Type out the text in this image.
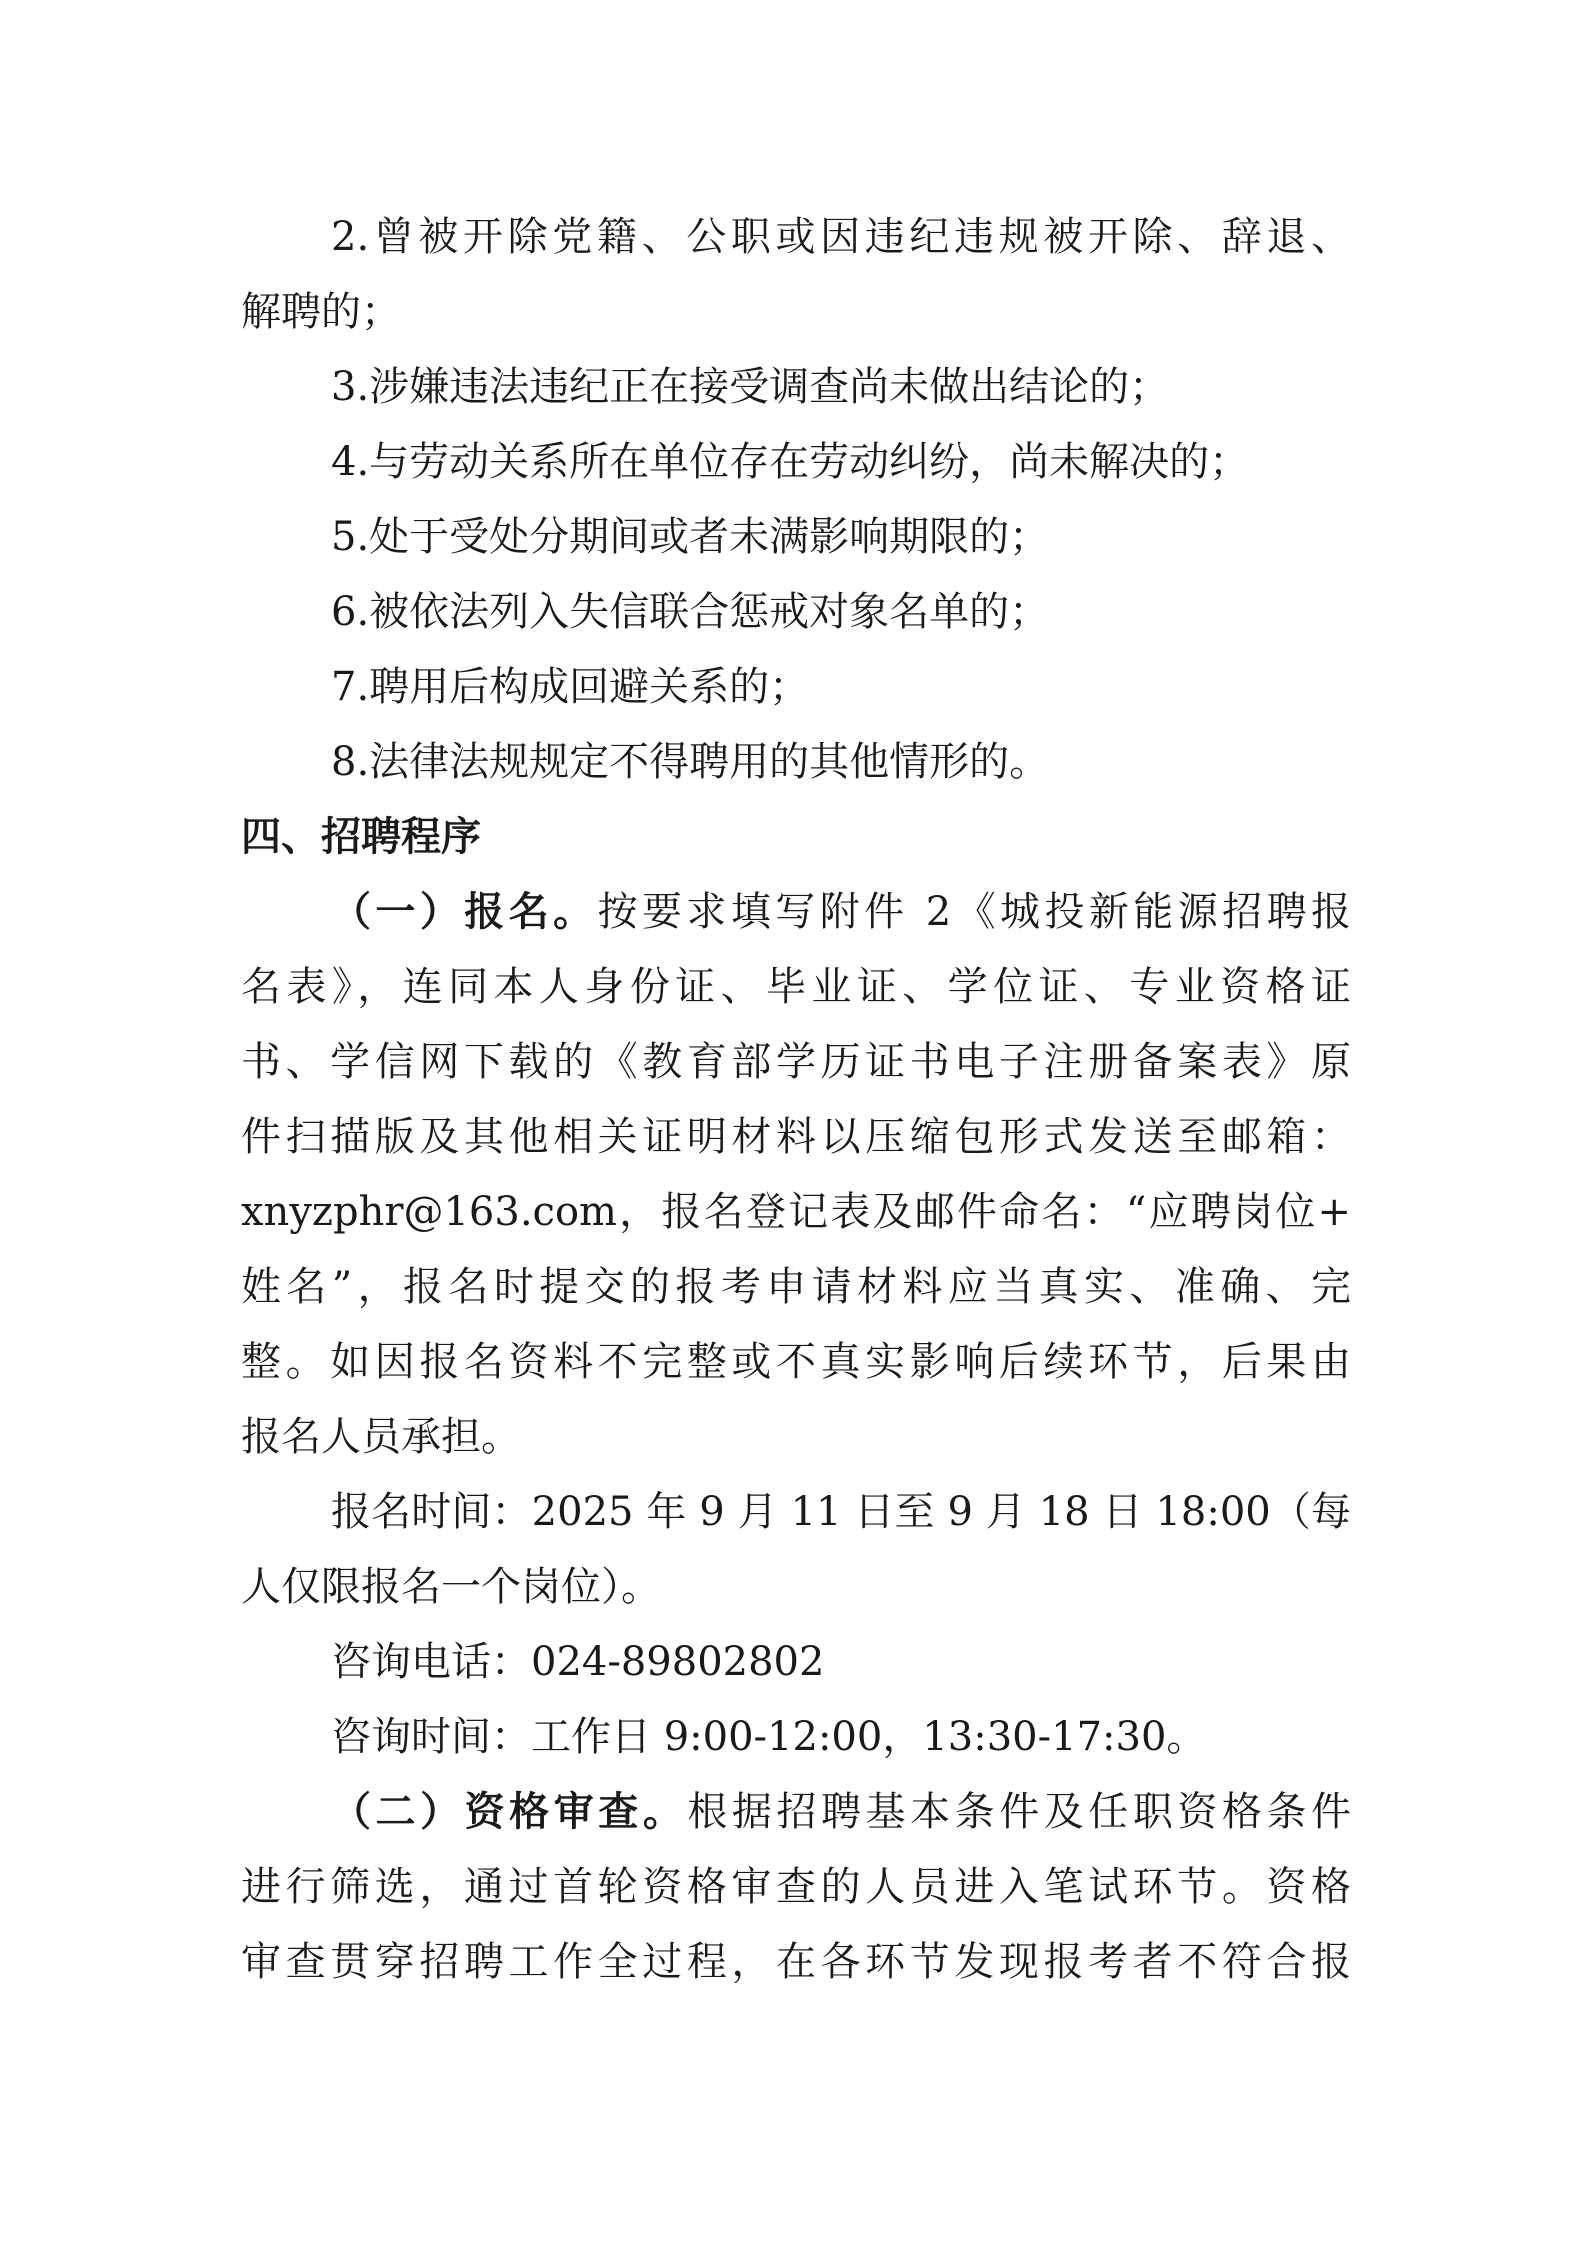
2.曾被开除党籍、公职或因违纪违规被开除、辞退、
解聘的；
3.涉嫌违法违纪正在接受调查尚未做出结论的；
4.与劳动关系所在单位存在劳动纠纷，尚未解决的；
5.处于受处分期间或者未满影响期限的；
6.被依法列入失信联合惩戒对象名单的；
7.聘用后构成回避关系的；
8.法律法规规定不得聘用的其他情形的。
四、招聘程序
（一）报名。按要求填写附件 2《城投新能源招聘报
名表》，连同本人身份证、毕业证、学位证、专业资格证
书、学信网下载的《教育部学历证书电子注册备案表》原
件扫描版及其他相关证明材料以压缩包形式发送至邮箱：
xnyzphr@163.com，报名登记表及邮件命名：“应聘岗位+
姓名”，报名时提交的报考申请材料应当真实、准确、完
整。如因报名资料不完整或不真实影响后续环节，后果由
报名人员承担。
报名时间：2025 年 9 月 11 日至 9 月 18 日 18:00（每
人仅限报名一个岗位）。
咨询电话：024-89802802
咨询时间：工作日 9:00-12:00，13:30-17:30。
（二）资格审查。根据招聘基本条件及任职资格条件
进行筛选，通过首轮资格审查的人员进入笔试环节。资格
审查贯穿招聘工作全过程，在各环节发现报考者不符合报
